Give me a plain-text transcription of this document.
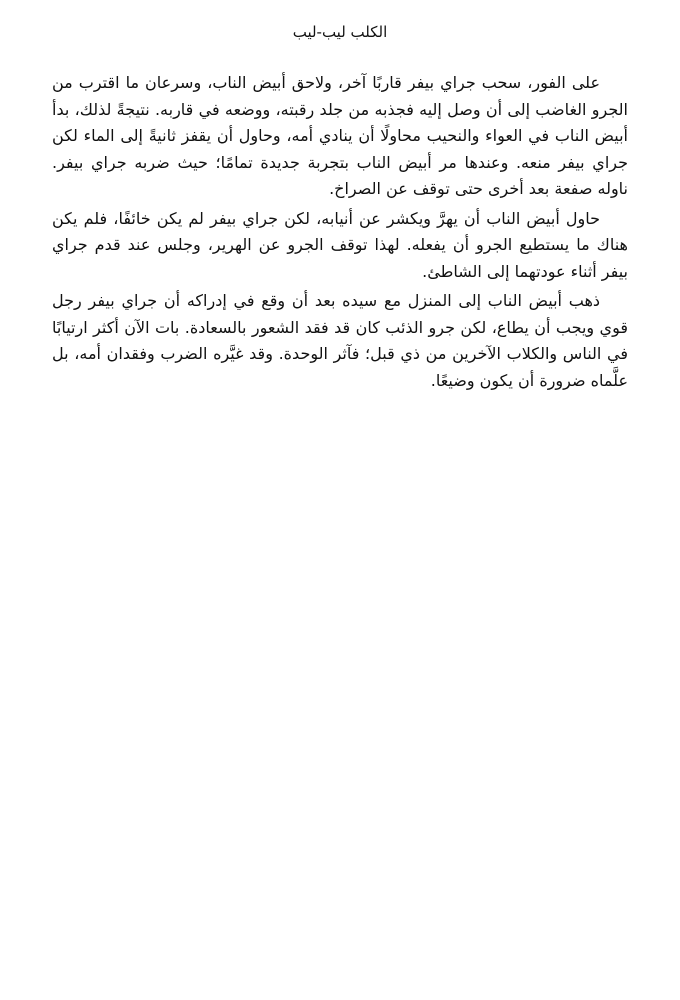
الكلب ليب-ليب

على الفور، سحب جراي بيفر قاربًا آخر، ولاحق أبيض الناب، وسرعان ما اقترب من الجرو الغاضب إلى أن وصل إليه فجذبه من جلد رقبته، ووضعه في قاربه. نتيجةً لذلك، بدأ أبيض الناب في العواء والنحيب محاولًا أن ينادي أمه، وحاول أن يقفز ثانيةً إلى الماء لكن جراي بيفر منعه. وعندها مر أبيض الناب بتجربة جديدة تمامًا؛ حيث ضربه جراي بيفر. ناوله صفعة بعد أخرى حتى توقف عن الصراخ.

حاول أبيض الناب أن يهرَّ ويكشر عن أنيابه، لكن جراي بيفر لم يكن خائفًا، فلم يكن هناك ما يستطيع الجرو أن يفعله. لهذا توقف الجرو عن الهرير، وجلس عند قدم جراي بيفر أثناء عودتهما إلى الشاطئ.

ذهب أبيض الناب إلى المنزل مع سيده بعد أن وقع في إدراكه أن جراي بيفر رجل قوي ويجب أن يطاع، لكن جرو الذئب كان قد فقد الشعور بالسعادة. بات الآن أكثر ارتيابًا في الناس والكلاب الآخرين من ذي قبل؛ فآثر الوحدة. وقد غيَّره الضرب وفقدان أمه، بل علَّماه ضرورة أن يكون وضيعًا.
